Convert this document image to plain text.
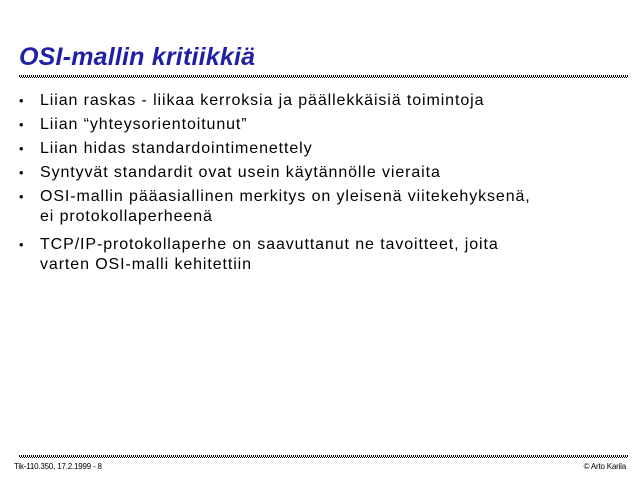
OSI-mallin kritiikkiä
• Liian raskas - liikaa kerroksia ja päällekkäisiä toimintoja
• Liian “yhteysorientoitunut”
• Liian hidas standardointimenettely
• Syntyvät standardit ovat usein käytännölle vieraita
• OSI-mallin pääasiallinen merkitys on yleisenä viitekehyksenä,
ei protokollaperheenä
• TCP/IP-protokollaperhe on saavuttanut ne tavoitteet, joita
varten OSI-malli kehitettiin
Tik-110.350, 17.2.1999 - 8	© Arto Karila
